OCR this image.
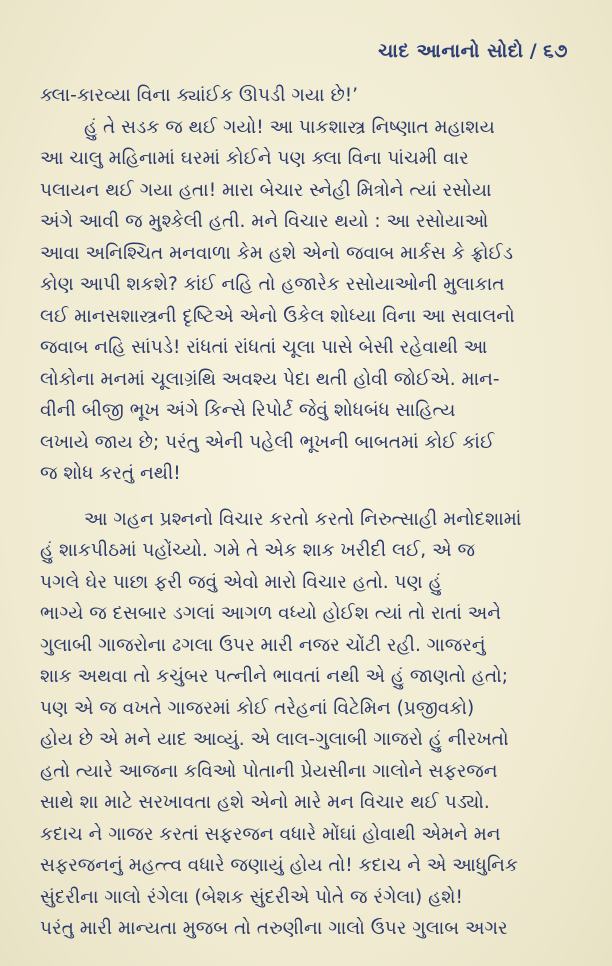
ચાદ આનાનો સોદો / ૬૭
ક્લા-કારવ્યા વિના ક્યાંઈક ઊપડી ગયા છે!’
હું તે સડક જ થઈ ગયો! આ પાકશાસ્ત્ર નિષ્ણાત મહાશય
આ ચાલુ મહિનામાં ઘરમાં કોઈને પણ ક્લા વિના પાંચમી વાર
પલાયન થઈ ગયા હતા! મારા બેચાર સ્નેહી મિત્રોને ત્યાં રસોયા
અંગે આવી જ મુશ્કેલી હતી. મને વિચાર થયો : આ રસોયાઓ
આવા અનિશ્ચિત મનવાળા કેમ હશે એનો જવાબ માર્કસ કે ફ્રોઈડ
કોણ આપી શકશે? કાંઈ નહિ તો હજારેક રસોયાઓની મુલાકાત
લઈ માનસશાસ્ત્રની દૃષ્ટિએ એનો ઉકેલ શોધ્યા વિના આ સવાલનો
જવાબ નહિ સાંપડે! રાંધતાં રાંધતાં ચૂલા પાસે બેસી રહેવાથી આ
લોકોના મનમાં ચૂલાગ્રંથિ અવશ્ય પેદા થતી હોવી જોઈએ. માન-
વીની બીજી ભૂખ અંગે કિન્સે રિપોર્ટ જેવું શોધબંધ સાહિત્ય
લખાયે જાય છે; પરંતુ એની પહેલી ભૂખની બાબતમાં કોઈ કાંઈ
જ શોધ કરતું નથી!
આ ગહન પ્રશ્નનો વિચાર કરતો કરતો નિરુત્સાહી મનોદશામાં
હું શાકપીઠમાં પહોંચ્યો. ગમે તે એક શાક ખરીદી લઈ, એ જ
પગલે ઘેર પાછા ફરી જવું એવો મારો વિચાર હતો. પણ હું
ભાગ્યે જ દસબાર ડગલાં આગળ વધ્યો હોઈશ ત્યાં તો રાતાં અને
ગુલાબી ગાજરોના ઢગલા ઉપર મારી નજર ચોંટી રહી. ગાજરનું
શાક અથવા તો કચુંબર પત્નીને ભાવતાં નથી એ હું જાણતો હતો;
પણ એ જ વખતે ગાજરમાં કોઈ તરેહનાં વિટેમિન (પ્રજીવકો)
હોય છે એ મને યાદ આવ્યું. એ લાલ-ગુલાબી ગાજરો હું નીરખતો
હતો ત્યારે આજના કવિઓ પોતાની પ્રેયસીના ગાલોને સફરજન
સાથે શા માટે સરખાવતા હશે એનો મારે મન વિચાર થઈ પડ્યો.
કદાચ ને ગાજર કરતાં સફરજન વધારે મોંઘાં હોવાથી એમને મન
સફરજનનું મહત્ત્વ વધારે જણાયું હોય તો! કદાચ ને એ આધુનિક
સુંદરીના ગાલો રંગેલા (બેશક સુંદરીએ પોતે જ રંગેલા) હશે!
પરંતુ મારી માન્યતા મુજબ તો તરુણીના ગાલો ઉપર ગુલાબ અગર
